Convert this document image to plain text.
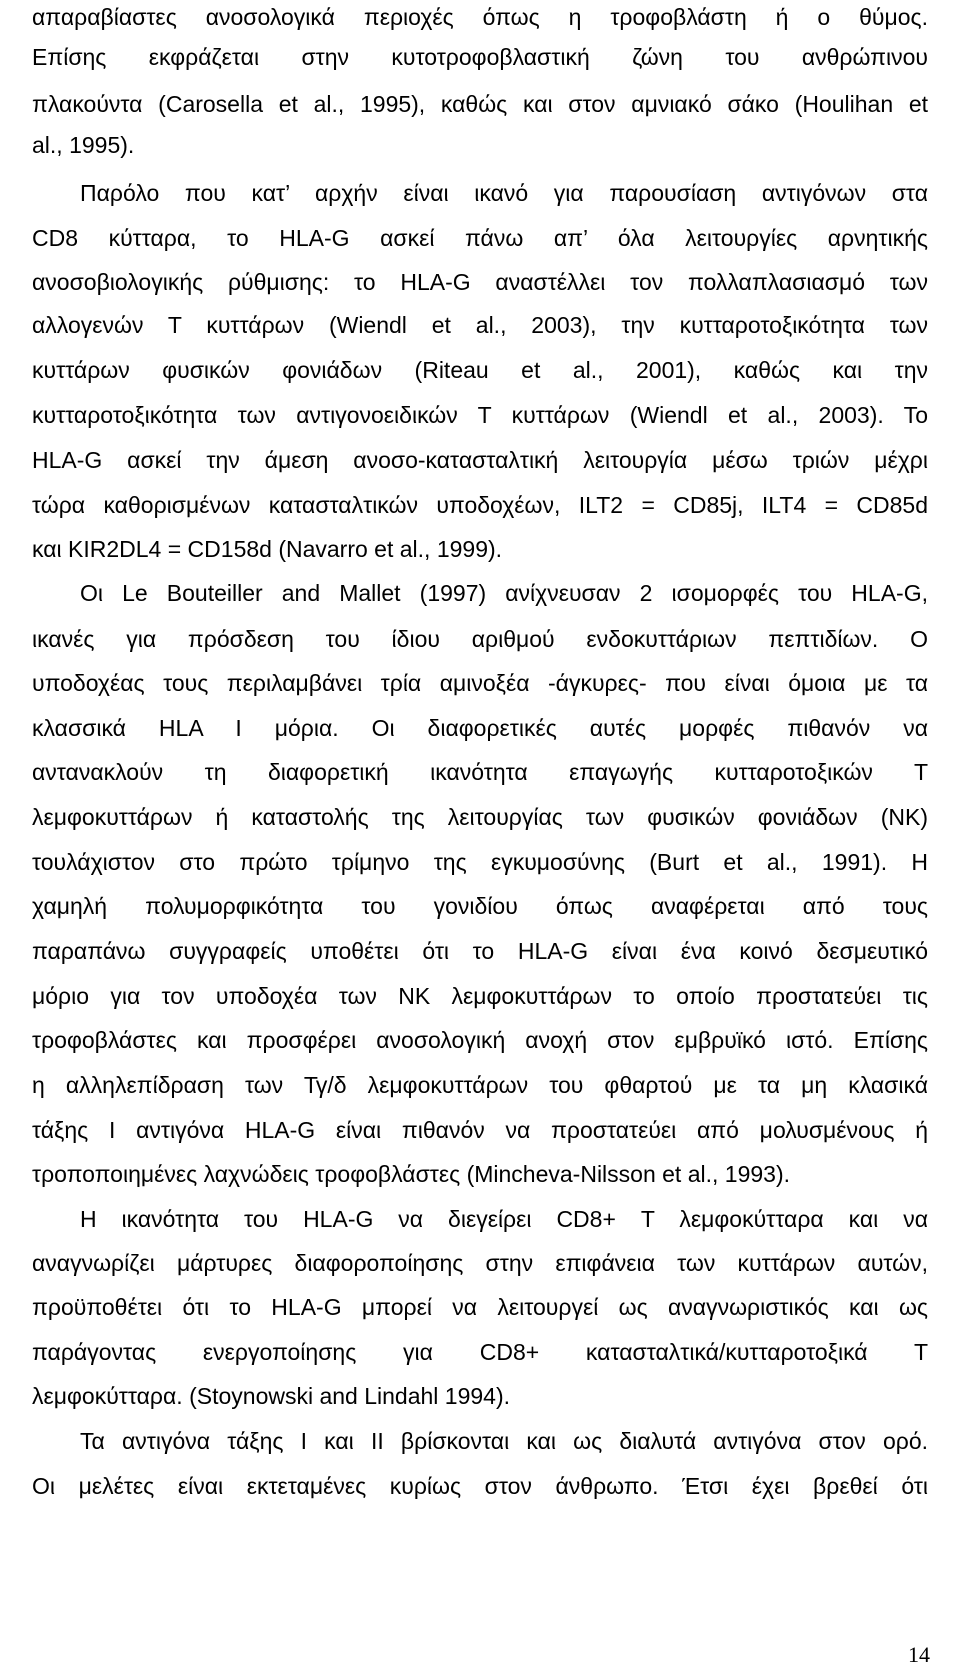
απαραβίαστες ανοσολογικά περιοχές όπως η τροφοβλάστη ή ο θύμος.
Επίσης εκφράζεται στην κυτοτροφοβλαστική ζώνη του ανθρώπινου
πλακούντα (Carosella et al., 1995), καθώς και στον αμνιακό σάκο (Houlihan et
al., 1995).
Παρόλο που κατ’ αρχήν είναι ικανό για παρουσίαση αντιγόνων στα
CD8 κύτταρα, το HLA-G ασκεί πάνω απ’ όλα λειτουργίες αρνητικής
ανοσοβιολογικής ρύθμισης: το HLA-G αναστέλλει τον πολλαπλασιασμό των
αλλογενών Τ κυττάρων (Wiendl et al., 2003), την κυτταροτοξικότητα των
κυττάρων φυσικών φονιάδων (Riteau et al., 2001), καθώς και την
κυτταροτοξικότητα των αντιγονοειδικών Τ κυττάρων (Wiendl et al., 2003). Το
HLA-G ασκεί την άμεση ανοσο-κατασταλτική λειτουργία μέσω τριών μέχρι
τώρα καθορισμένων κατασταλτικών υποδοχέων, ILT2 = CD85j, ILT4 = CD85d
και KIR2DL4 = CD158d (Navarro et al., 1999).
Οι Le Bouteiller and Mallet (1997) ανίχνευσαν 2 ισομορφές του HLA-G,
ικανές για πρόσδεση του ίδιου αριθμού ενδοκυττάριων πεπτιδίων. Ο
υποδοχέας τους περιλαμβάνει τρία αμινοξέα -άγκυρες- που είναι όμοια με τα
κλασσικά HLA Ι μόρια. Οι διαφορετικές αυτές μορφές πιθανόν να
αντανακλούν τη διαφορετική ικανότητα επαγωγής κυτταροτοξικών Τ
λεμφοκυττάρων ή καταστολής της λειτουργίας των φυσικών φονιάδων (ΝΚ)
τουλάχιστον στο πρώτο τρίμηνο της εγκυμοσύνης (Burt et al., 1991). Η
χαμηλή πολυμορφικότητα του γονιδίου όπως αναφέρεται από τους
παραπάνω συγγραφείς υποθέτει ότι το HLA-G είναι ένα κοινό δεσμευτικό
μόριο για τον υποδοχέα των ΝΚ λεμφοκυττάρων το οποίο προστατεύει τις
τροφοβλάστες και προσφέρει ανοσολογική ανοχή στον εμβρυϊκό ιστό. Επίσης
η αλληλεπίδραση των Τγ/δ λεμφοκυττάρων του φθαρτού με τα μη κλασικά
τάξης Ι αντιγόνα HLA-G είναι πιθανόν να προστατεύει από μολυσμένους ή
τροποποιημένες λαχνώδεις τροφοβλάστες (Mincheva-Nilsson et al., 1993).
Η ικανότητα του HLA-G να διεγείρει CD8+ Τ λεμφοκύτταρα και να
αναγνωρίζει μάρτυρες διαφοροποίησης στην επιφάνεια των κυττάρων αυτών,
προϋποθέτει ότι το HLA-G μπορεί να λειτουργεί ως αναγνωριστικός και ως
παράγοντας ενεργοποίησης για CD8+ κατασταλτικά/κυτταροτοξικά Τ
λεμφοκύτταρα. (Stoynowski and Lindahl 1994).
Τα αντιγόνα τάξης Ι και ΙΙ βρίσκονται και ως διαλυτά αντιγόνα στον ορό.
Οι μελέτες είναι εκτεταμένες κυρίως στον άνθρωπο. Έτσι έχει βρεθεί ότι
14
